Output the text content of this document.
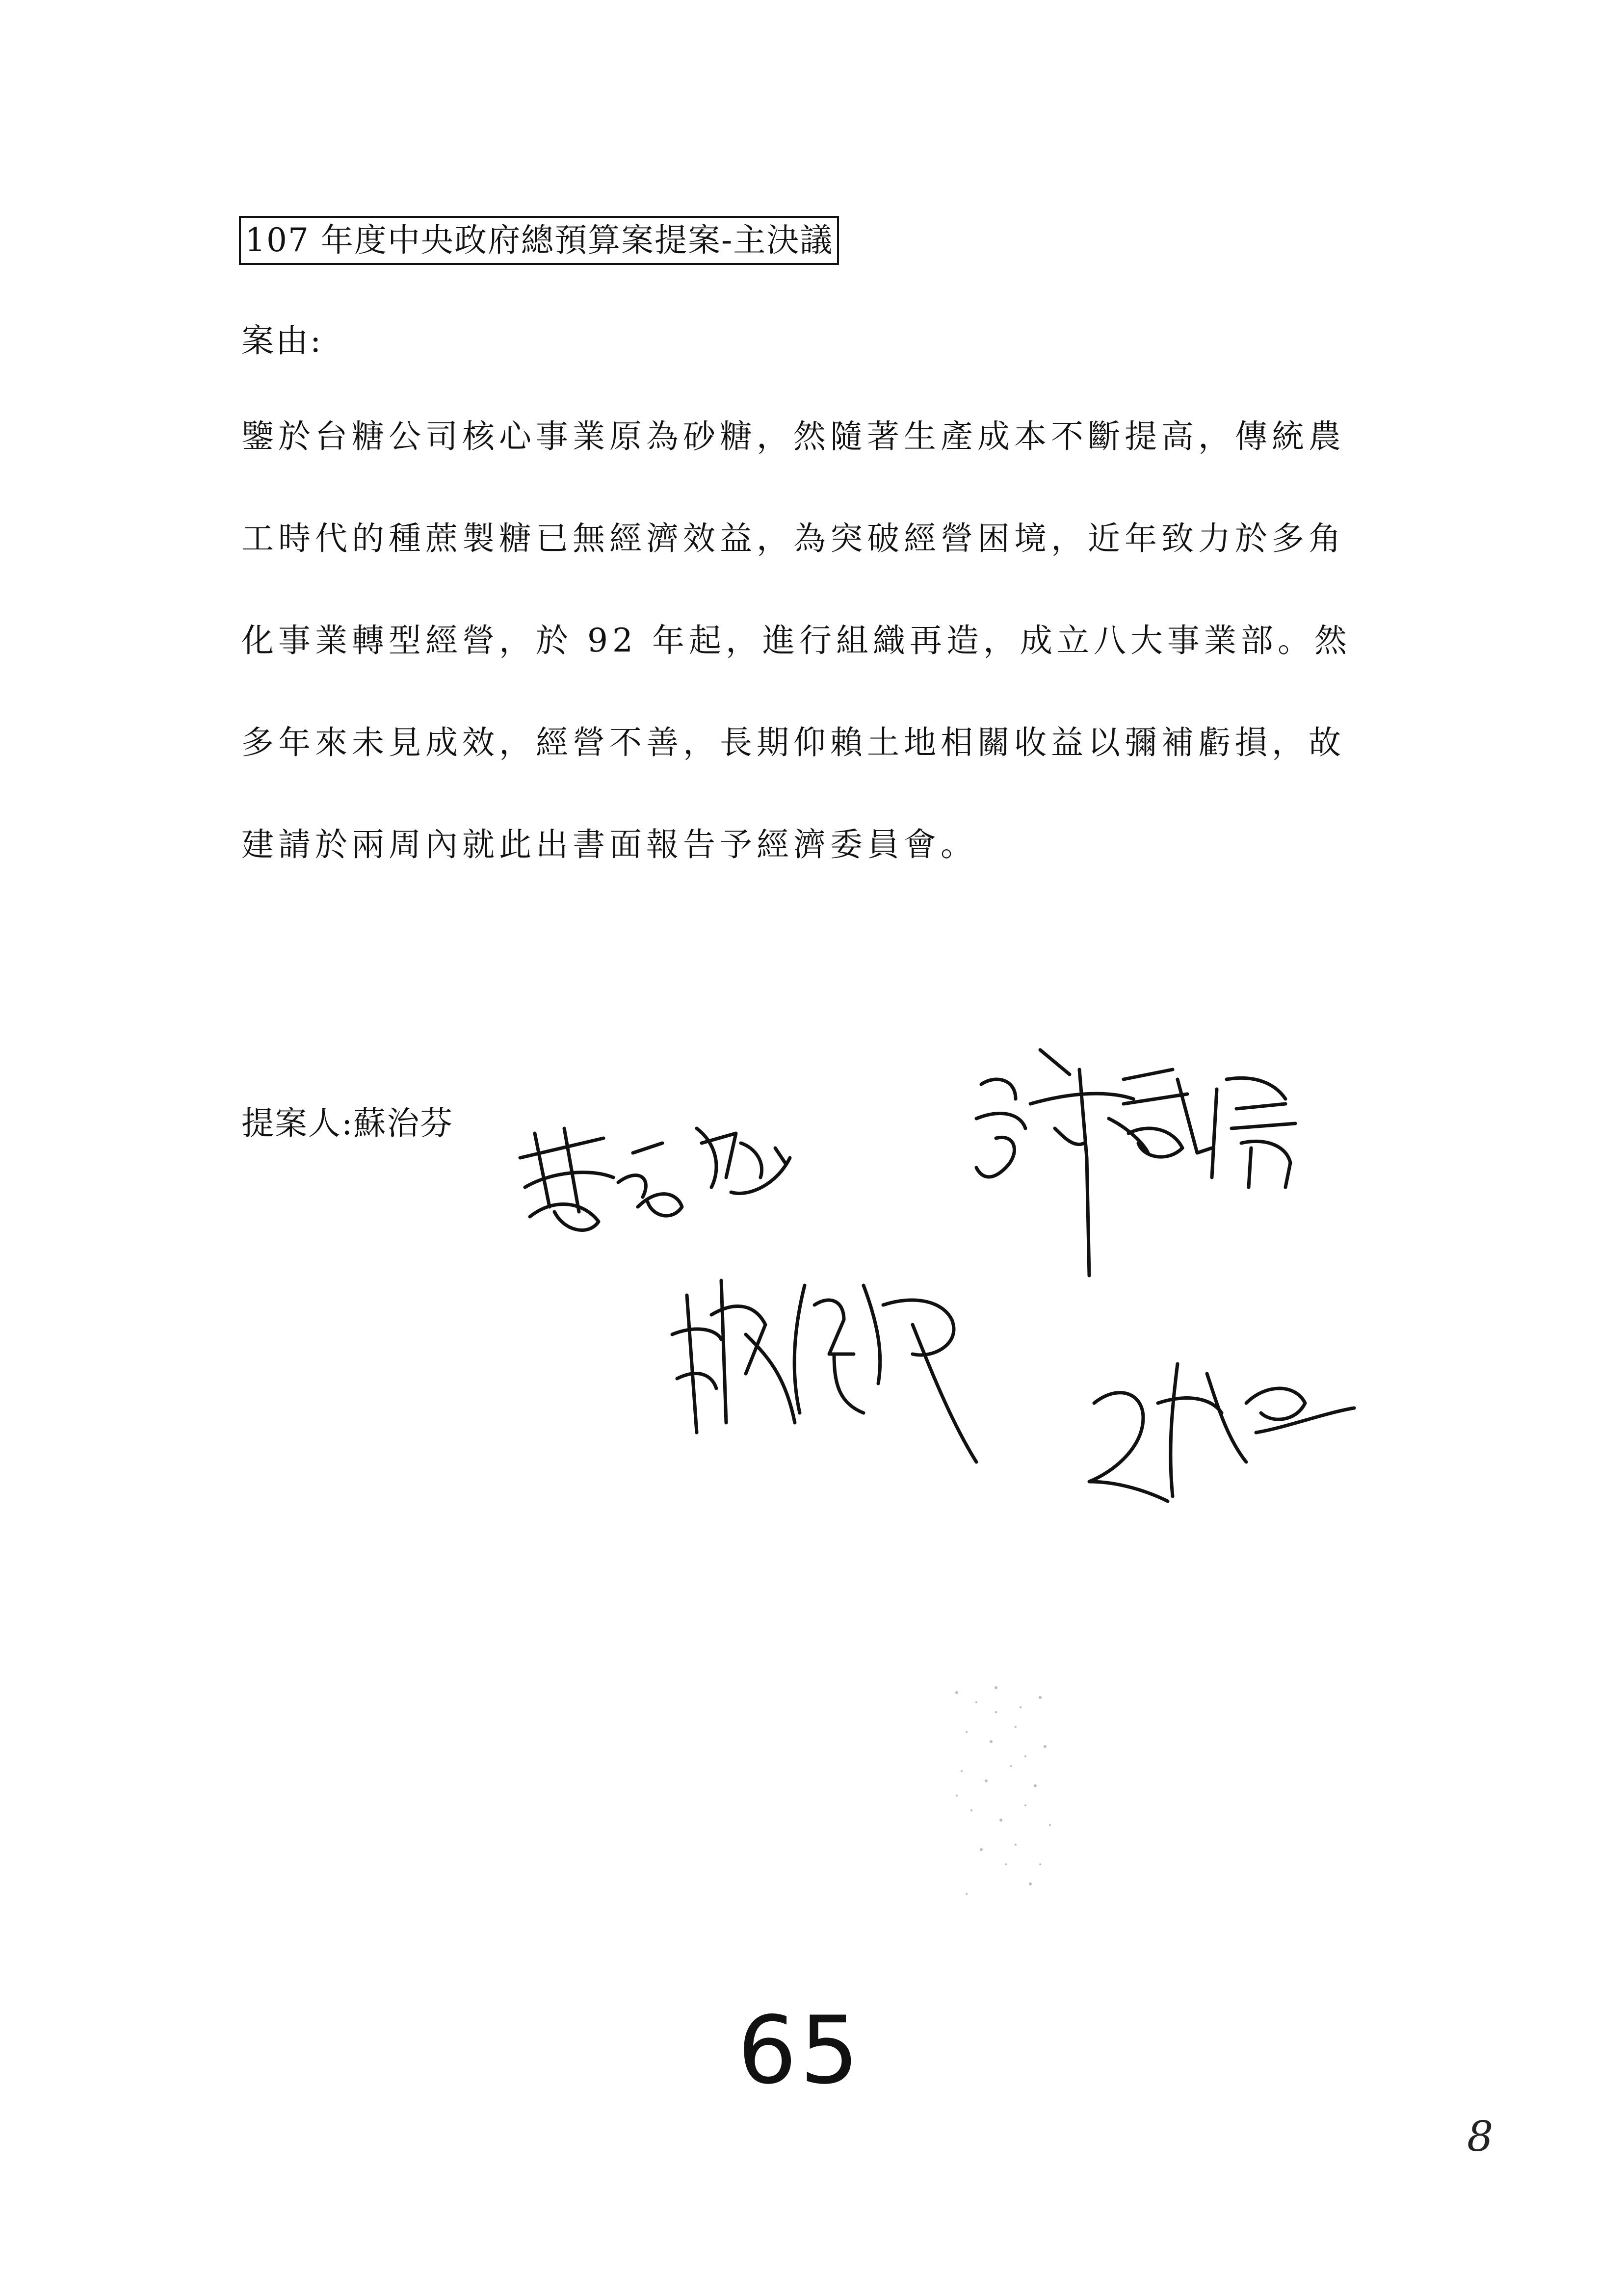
107 年度中央政府總預算案提案-主決議
案由:
鑒於台糖公司核心事業原為砂糖，然隨著生產成本不斷提高，傳統農
工時代的種蔗製糖已無經濟效益，為突破經營困境，近年致力於多角
化事業轉型經營，於 92 年起，進行組織再造，成立八大事業部。然
多年來未見成效，經營不善，長期仰賴土地相關收益以彌補虧損，故
建請於兩周內就此出書面報告予經濟委員會。
提案人:蘇治芬
65
8
